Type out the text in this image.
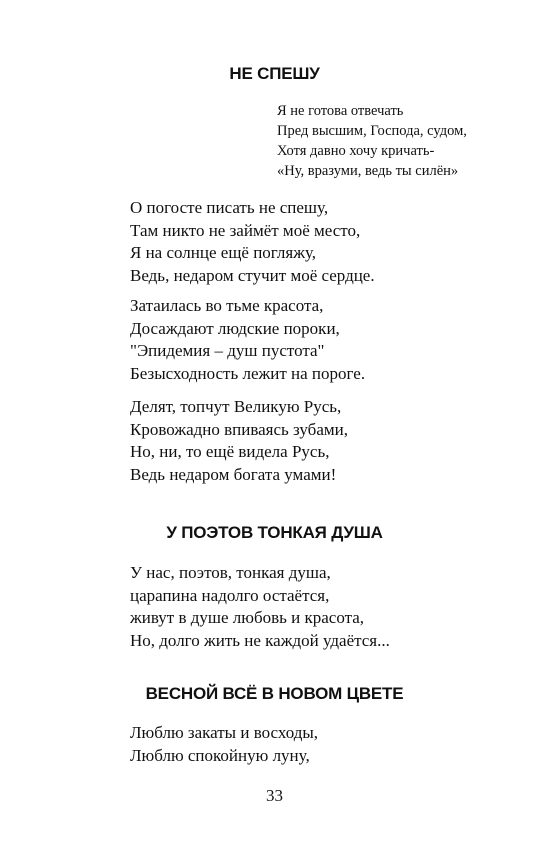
НЕ СПЕШУ
Я не готова отвечать
Пред высшим, Господа, судом,
Хотя давно хочу кричать-
«Ну, вразуми, ведь ты силён»
О погосте писать не спешу,
Там никто не займёт моё место,
Я на солнце ещё погляжу,
Ведь, недаром стучит моё сердце.
Затаилась во тьме красота,
Досаждают людские пороки,
"Эпидемия – душ пустота"
Безысходность лежит на пороге.
Делят, топчут Великую Русь,
Кровожадно впиваясь зубами,
Но, ни, то ещё видела Русь,
Ведь недаром богата умами!
У ПОЭТОВ ТОНКАЯ ДУША
У нас, поэтов, тонкая душа,
царапина надолго остаётся,
живут в душе любовь и красота,
Но, долго жить не каждой удаётся...
ВЕСНОЙ ВСЁ В НОВОМ ЦВЕТЕ
Люблю закаты и восходы,
Люблю спокойную луну,
33
